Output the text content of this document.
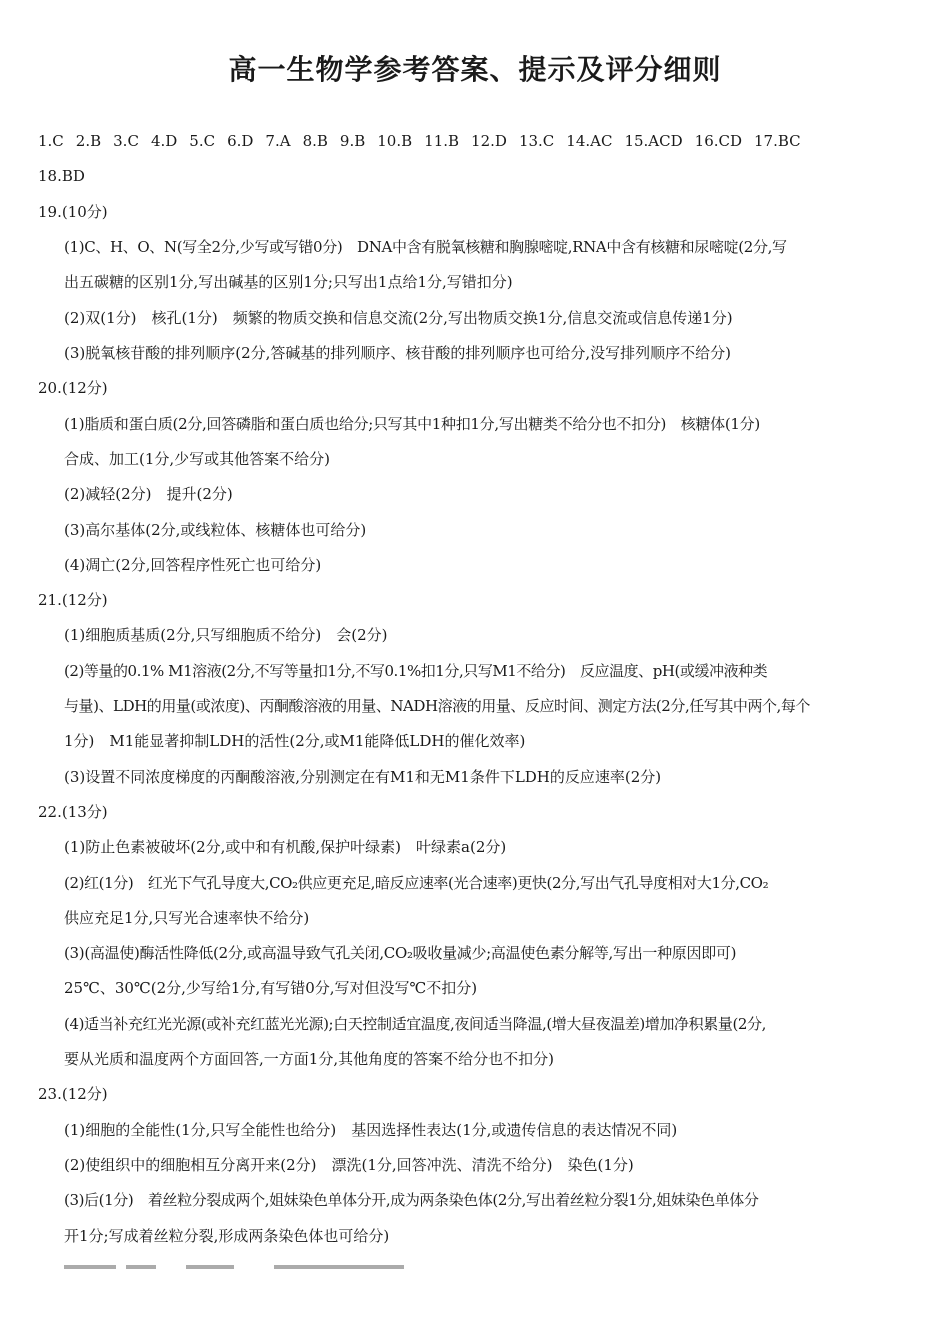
高一生物学参考答案、提示及评分细则
1.C 2.B 3.C 4.D 5.C 6.D 7.A 8.B 9.B 10.B 11.B 12.D 13.C 14.AC 15.ACD 16.CD 17.BC
18.BD
19.(10分)
(1)C、H、O、N(写全2分,少写或写错0分)　DNA中含有脱氧核糖和胸腺嘧啶,RNA中含有核糖和尿嘧啶(2分,写
出五碳糖的区别1分,写出碱基的区别1分;只写出1点给1分,写错扣分)
(2)双(1分)　核孔(1分)　频繁的物质交换和信息交流(2分,写出物质交换1分,信息交流或信息传递1分)
(3)脱氧核苷酸的排列顺序(2分,答碱基的排列顺序、核苷酸的排列顺序也可给分,没写排列顺序不给分)
20.(12分)
(1)脂质和蛋白质(2分,回答磷脂和蛋白质也给分;只写其中1种扣1分,写出糖类不给分也不扣分)　核糖体(1分)
合成、加工(1分,少写或其他答案不给分)
(2)减轻(2分)　提升(2分)
(3)高尔基体(2分,或线粒体、核糖体也可给分)
(4)凋亡(2分,回答程序性死亡也可给分)
21.(12分)
(1)细胞质基质(2分,只写细胞质不给分)　会(2分)
(2)等量的0.1% M1溶液(2分,不写等量扣1分,不写0.1%扣1分,只写M1不给分)　反应温度、pH(或缓冲液种类
与量)、LDH的用量(或浓度)、丙酮酸溶液的用量、NADH溶液的用量、反应时间、测定方法(2分,任写其中两个,每个
1分)　M1能显著抑制LDH的活性(2分,或M1能降低LDH的催化效率)
(3)设置不同浓度梯度的丙酮酸溶液,分别测定在有M1和无M1条件下LDH的反应速率(2分)
22.(13分)
(1)防止色素被破坏(2分,或中和有机酸,保护叶绿素)　叶绿素a(2分)
(2)红(1分)　红光下气孔导度大,CO₂供应更充足,暗反应速率(光合速率)更快(2分,写出气孔导度相对大1分,CO₂
供应充足1分,只写光合速率快不给分)
(3)(高温使)酶活性降低(2分,或高温导致气孔关闭,CO₂吸收量减少;高温使色素分解等,写出一种原因即可)
25℃、30℃(2分,少写给1分,有写错0分,写对但没写℃不扣分)
(4)适当补充红光光源(或补充红蓝光光源);白天控制适宜温度,夜间适当降温,(增大昼夜温差)增加净积累量(2分,
要从光质和温度两个方面回答,一方面1分,其他角度的答案不给分也不扣分)
23.(12分)
(1)细胞的全能性(1分,只写全能性也给分)　基因选择性表达(1分,或遗传信息的表达情况不同)
(2)使组织中的细胞相互分离开来(2分)　漂洗(1分,回答冲洗、清洗不给分)　染色(1分)
(3)后(1分)　着丝粒分裂成两个,姐妹染色单体分开,成为两条染色体(2分,写出着丝粒分裂1分,姐妹染色单体分
开1分;写成着丝粒分裂,形成两条染色体也可给分)
